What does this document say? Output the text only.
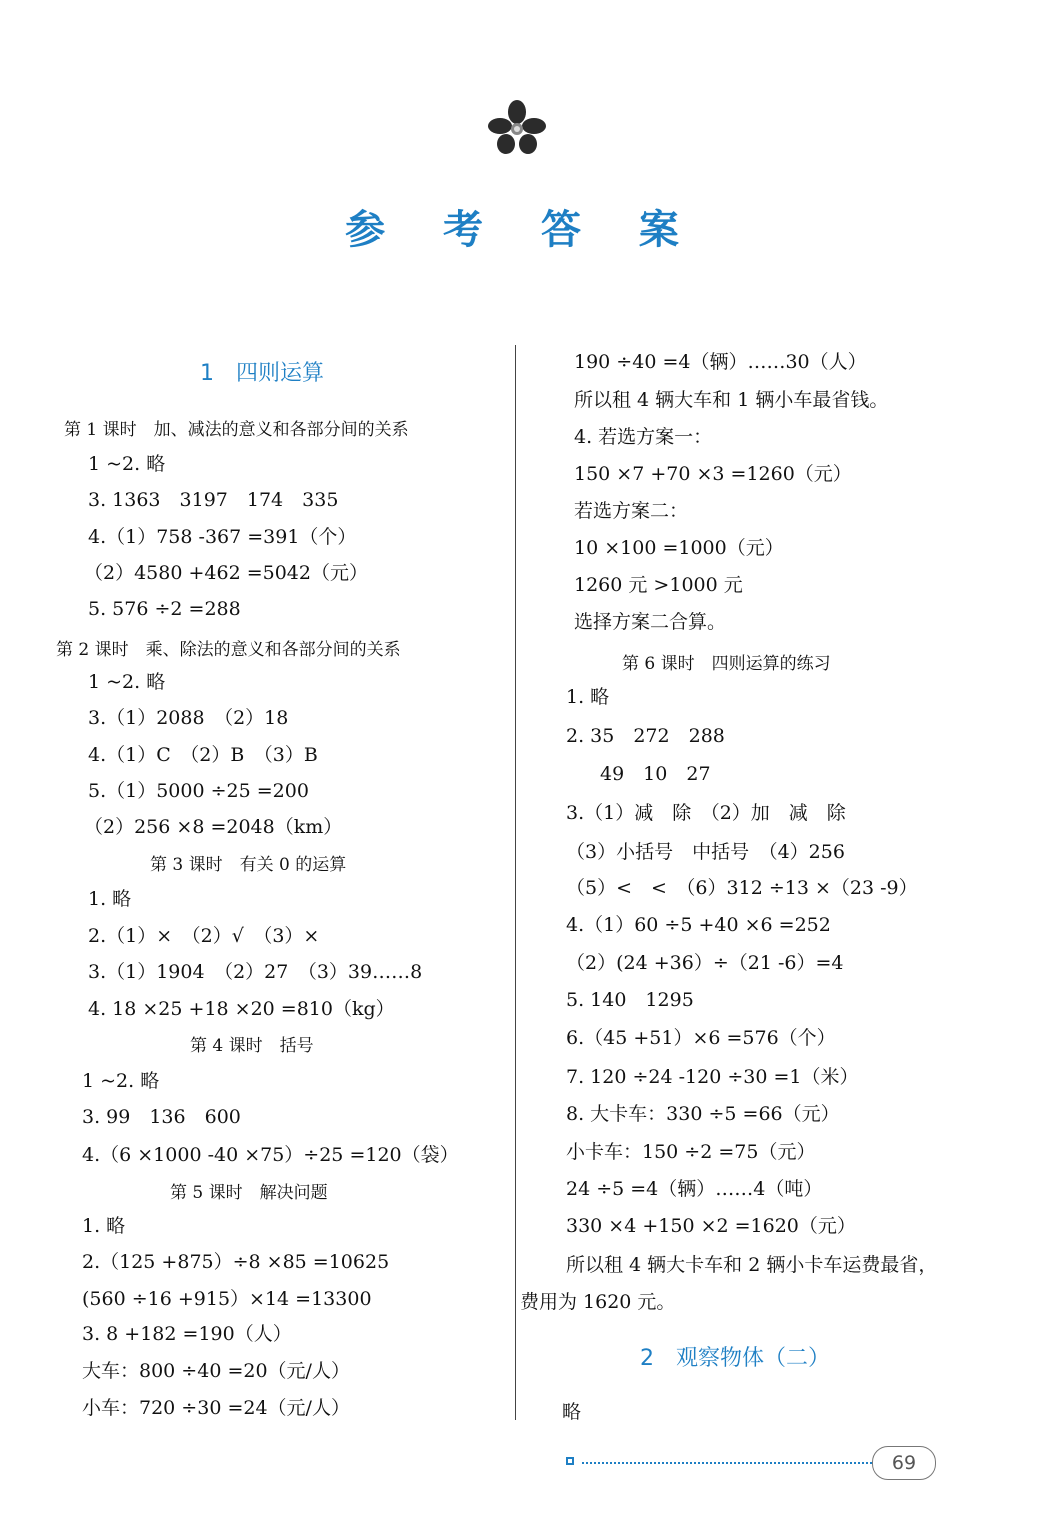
参 考 答 案
1　四则运算
第 1 课时　加、减法的意义和各部分间的关系
1 ~2. 略
3. 1363　3197　174　335
4.（1）758 -367 =391（个）
（2）4580 +462 =5042（元）
5. 576 ÷2 =288
第 2 课时　乘、除法的意义和各部分间的关系
1 ~2. 略
3.（1）2088　（2）18
4.（1）C　（2）B　（3）B
5.（1）5000 ÷25 =200
（2）256 ×8 =2048（km）
第 3 课时　有关 0 的运算
1. 略
2.（1）×　（2）√　（3）×
3.（1）1904　（2）27　（3）39……8
4. 18 ×25 +18 ×20 =810（kg）
第 4 课时　括号
1 ~2. 略
3. 99　136　600
4.（6 ×1000 -40 ×75）÷25 =120（袋）
第 5 课时　解决问题
1. 略
2.（125 +875）÷8 ×85 =10625
(560 ÷16 +915）×14 =13300
3. 8 +182 =190（人）
大车：800 ÷40 =20（元/人）
小车：720 ÷30 =24（元/人）
190 ÷40 =4（辆）……30（人）
所以租 4 辆大车和 1 辆小车最省钱。
4. 若选方案一：
150 ×7 +70 ×3 =1260（元）
若选方案二：
10 ×100 =1000（元）
1260 元 >1000 元
选择方案二合算。
第 6 课时　四则运算的练习
1. 略
2. 35　272　288
49　10　27
3.（1）减　除　（2）加　减　除
（3）小括号　中括号　（4）256
（5）<　<　（6）312 ÷13 ×（23 -9）
4.（1）60 ÷5 +40 ×6 =252
（2）(24 +36）÷（21 -6）=4
5. 140　1295
6.（45 +51）×6 =576（个）
7. 120 ÷24 -120 ÷30 =1（米）
8. 大卡车：330 ÷5 =66（元）
小卡车：150 ÷2 =75（元）
24 ÷5 =4（辆）……4（吨）
330 ×4 +150 ×2 =1620（元）
所以租 4 辆大卡车和 2 辆小卡车运费最省，
费用为 1620 元。
2　观察物体（二）
略
69
